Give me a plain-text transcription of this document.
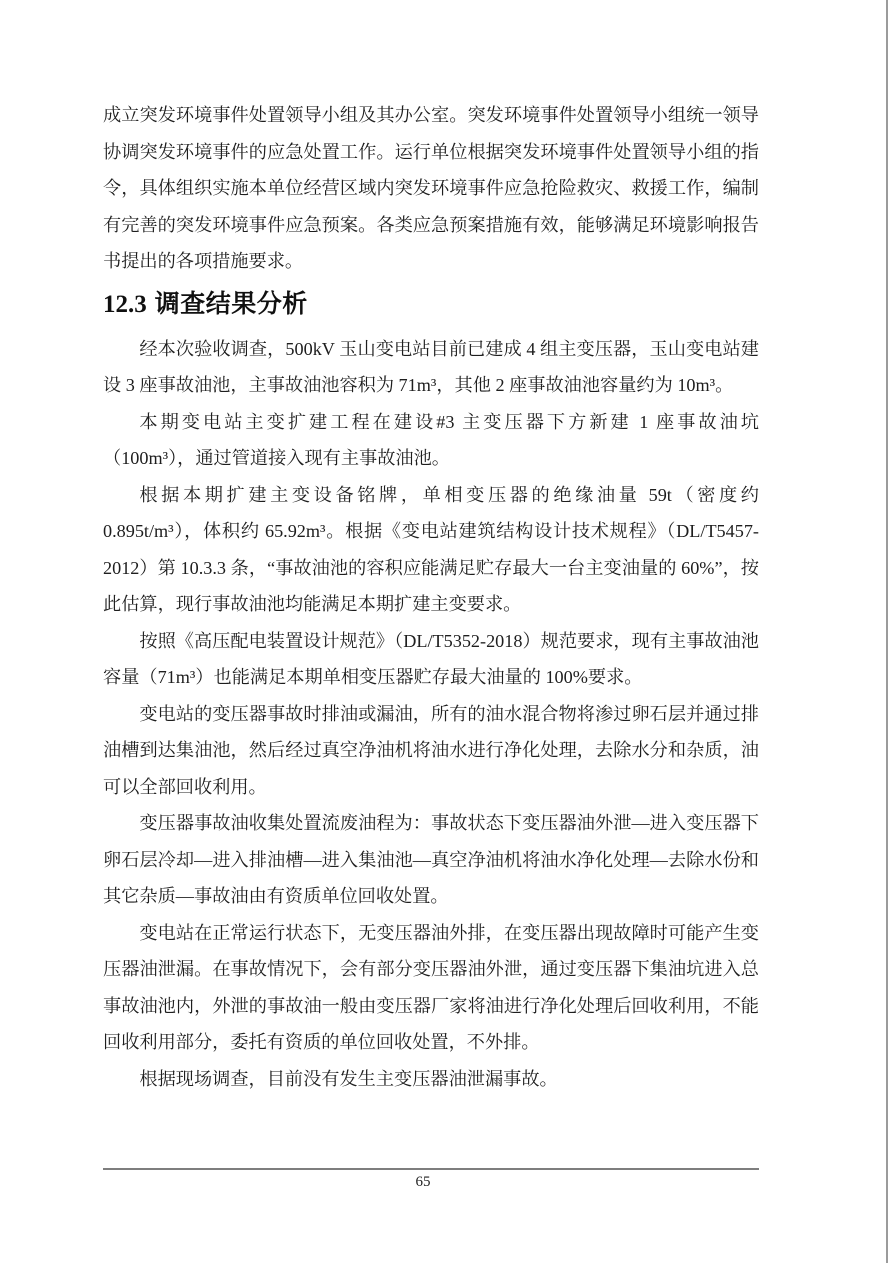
成立突发环境事件处置领导小组及其办公室。突发环境事件处置领导小组统一领导协调突发环境事件的应急处置工作。运行单位根据突发环境事件处置领导小组的指令，具体组织实施本单位经营区域内突发环境事件应急抢险救灾、救援工作，编制有完善的突发环境事件应急预案。各类应急预案措施有效，能够满足环境影响报告书提出的各项措施要求。

12.3 调查结果分析

经本次验收调查，500kV 玉山变电站目前已建成 4 组主变压器，玉山变电站建设 3 座事故油池，主事故油池容积为 71m³，其他 2 座事故油池容量约为 10m³。

本期变电站主变扩建工程在建设#3 主变压器下方新建 1 座事故油坑（100m³），通过管道接入现有主事故油池。

根据本期扩建主变设备铭牌，单相变压器的绝缘油量 59t（密度约 0.895t/m³），体积约 65.92m³。根据《变电站建筑结构设计技术规程》（DL/T5457-2012）第 10.3.3 条，“事故油池的容积应能满足贮存最大一台主变油量的 60%”，按此估算，现行事故油池均能满足本期扩建主变要求。

按照《高压配电装置设计规范》（DL/T5352-2018）规范要求，现有主事故油池容量（71m³）也能满足本期单相变压器贮存最大油量的 100%要求。

变电站的变压器事故时排油或漏油，所有的油水混合物将渗过卵石层并通过排油槽到达集油池，然后经过真空净油机将油水进行净化处理，去除水分和杂质，油可以全部回收利用。

变压器事故油收集处置流废油程为：事故状态下变压器油外泄—进入变压器下卵石层冷却—进入排油槽—进入集油池—真空净油机将油水净化处理—去除水份和其它杂质—事故油由有资质单位回收处置。

变电站在正常运行状态下，无变压器油外排，在变压器出现故障时可能产生变压器油泄漏。在事故情况下，会有部分变压器油外泄，通过变压器下集油坑进入总事故油池内，外泄的事故油一般由变压器厂家将油进行净化处理后回收利用，不能回收利用部分，委托有资质的单位回收处置，不外排。

根据现场调查，目前没有发生主变压器油泄漏事故。

65
